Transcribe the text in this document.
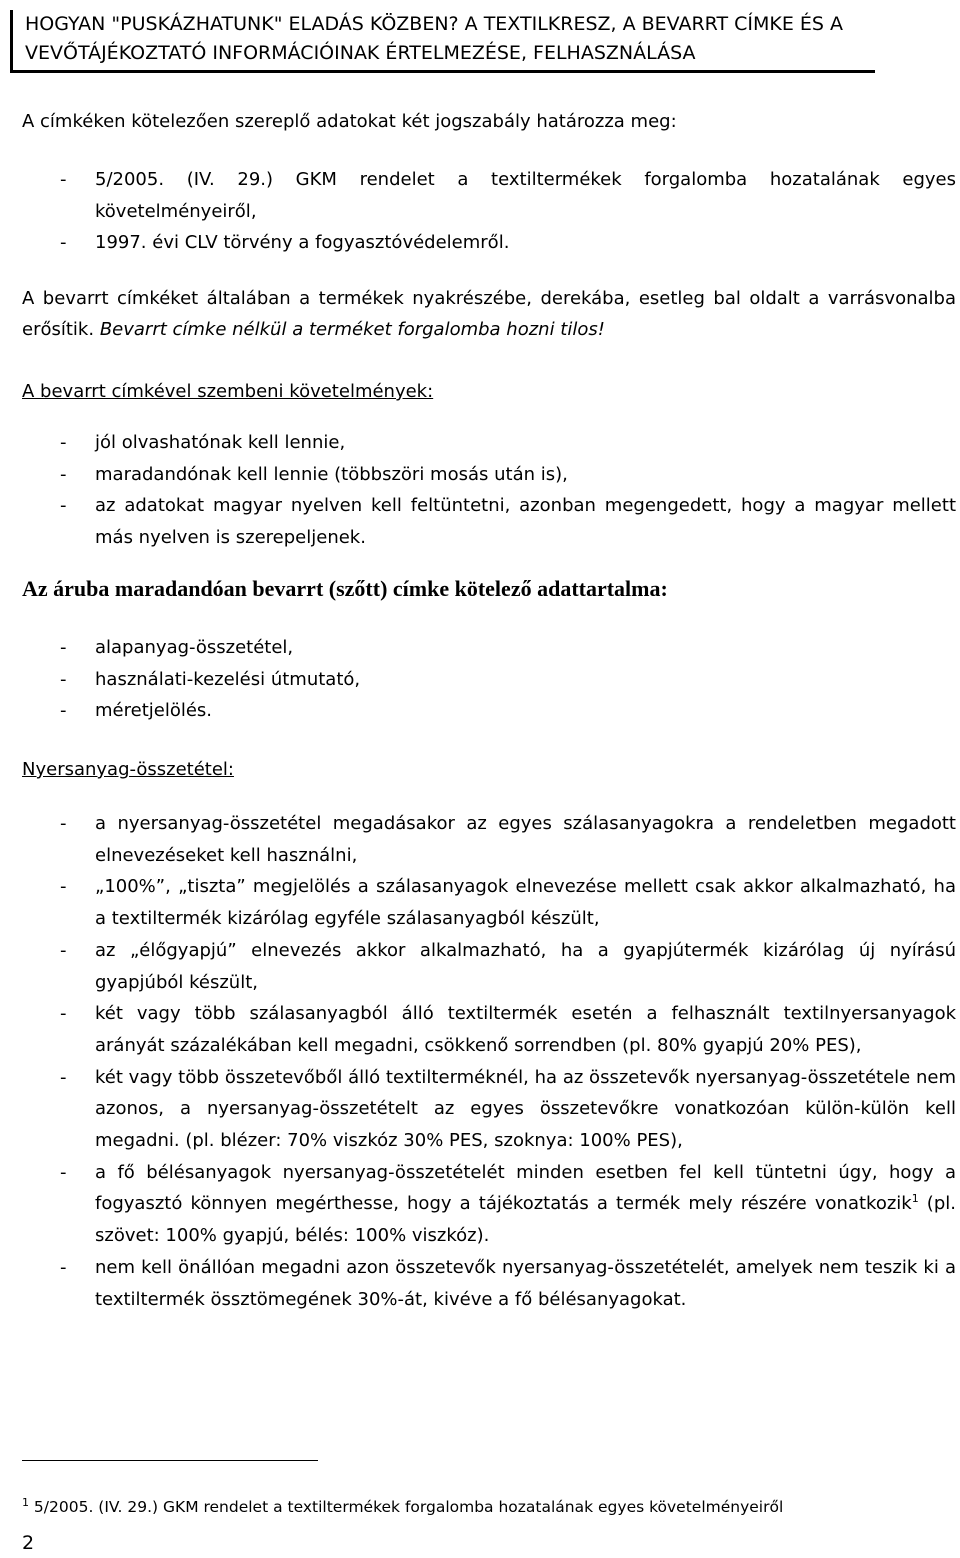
HOGYAN "PUSKÁZHATUNK" ELADÁS KÖZBEN? A TEXTILKRESZ, A BEVARRT CÍMKE ÉS A
VEVŐTÁJÉKOZTATÓ INFORMÁCIÓINAK ÉRTELMEZÉSE, FELHASZNÁLÁSA
A címkéken kötelezően szereplő adatokat két jogszabály határozza meg:
- 5/2005. (IV. 29.) GKM rendelet a textiltermékek forgalomba hozatalának egyes követelményeiről,
- 1997. évi CLV törvény a fogyasztóvédelemről.
A bevarrt címkéket általában a termékek nyakrészébe, derekába, esetleg bal oldalt a varrásvonalba erősítik. Bevarrt címke nélkül a terméket forgalomba hozni tilos!
A bevarrt címkével szembeni követelmények:
- jól olvashatónak kell lennie,
- maradandónak kell lennie (többszöri mosás után is),
- az adatokat magyar nyelven kell feltüntetni, azonban megengedett, hogy a magyar mellett más nyelven is szerepeljenek.
Az áruba maradandóan bevarrt (szőtt) címke kötelező adattartalma:
- alapanyag-összetétel,
- használati-kezelési útmutató,
- méretjelölés.
Nyersanyag-összetétel:
- a nyersanyag-összetétel megadásakor az egyes szálasanyagokra a rendeletben megadott elnevezéseket kell használni,
- „100%”, „tiszta” megjelölés a szálasanyagok elnevezése mellett csak akkor alkalmazható, ha a textiltermék kizárólag egyféle szálasanyagból készült,
- az „élőgyapjú” elnevezés akkor alkalmazható, ha a gyapjútermék kizárólag új nyírású gyapjúból készült,
- két vagy több szálasanyagból álló textiltermék esetén a felhasznált textilnyersanyagok arányát százalékában kell megadni, csökkenő sorrendben (pl. 80% gyapjú 20% PES),
- két vagy több összetevőből álló textilterméknél, ha az összetevők nyersanyag-összetétele nem azonos, a nyersanyag-összetételt az egyes összetevőkre vonatkozóan külön-külön kell megadni. (pl. blézer: 70% viszkóz 30% PES, szoknya: 100% PES),
- a fő bélésanyagok nyersanyag-összetételét minden esetben fel kell tüntetni úgy, hogy a fogyasztó könnyen megérthesse, hogy a tájékoztatás a termék mely részére vonatkozik$^1$ (pl. szövet: 100% gyapjú, bélés: 100% viszkóz).
- nem kell önállóan megadni azon összetevők nyersanyag-összetételét, amelyek nem teszik ki a textiltermék össztömegének 30%-át, kivéve a fő bélésanyagokat.
$^1$ 5/2005. (IV. 29.) GKM rendelet a textiltermékek forgalomba hozatalának egyes követelményeiről
2
